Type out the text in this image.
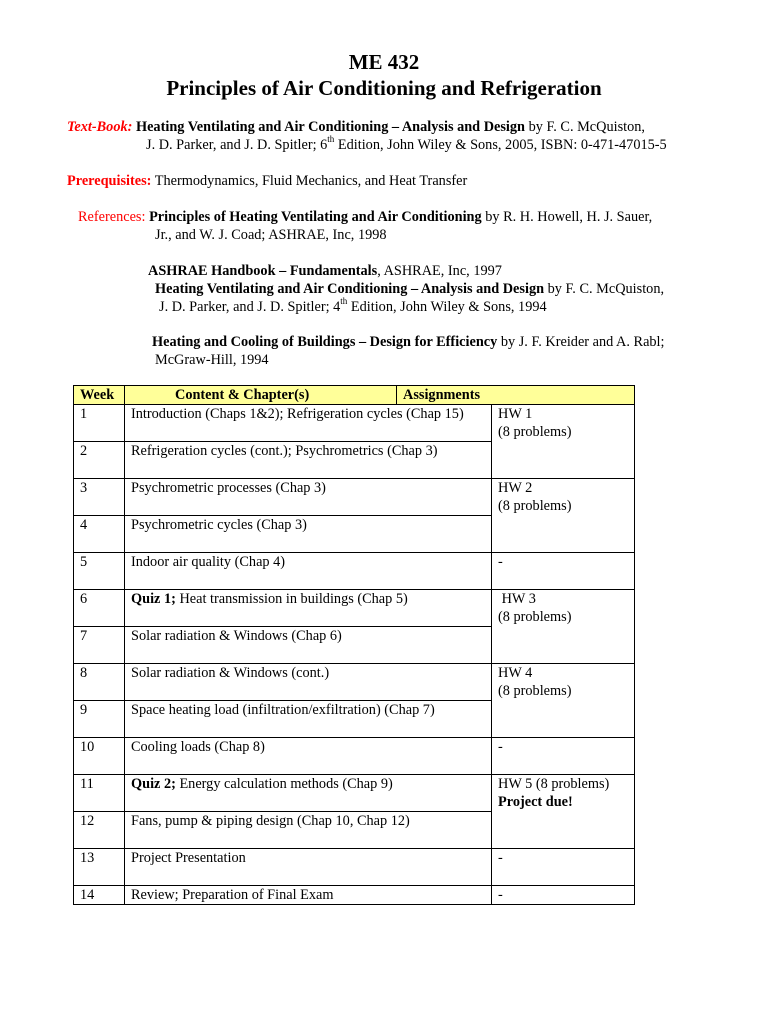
ME 432
Principles of Air Conditioning and Refrigeration
Text-Book: Heating Ventilating and Air Conditioning – Analysis and Design by F. C. McQuiston,
J. D. Parker, and J. D. Spitler; 6th Edition, John Wiley & Sons, 2005, ISBN: 0-471-47015-5
Prerequisites: Thermodynamics, Fluid Mechanics, and Heat Transfer
References: Principles of Heating Ventilating and Air Conditioning by R. H. Howell, H. J. Sauer,
Jr., and W. J. Coad; ASHRAE, Inc, 1998
ASHRAE Handbook – Fundamentals, ASHRAE, Inc, 1997
Heating Ventilating and Air Conditioning – Analysis and Design by F. C. McQuiston,
J. D. Parker, and J. D. Spitler; 4th Edition, John Wiley & Sons, 1994
Heating and Cooling of Buildings – Design for Efficiency by J. F. Kreider and A. Rabl;
McGraw-Hill, 1994
Week	Content & Chapter(s)	Assignments	
1	Introduction (Chaps 1&2); Refrigeration cycles (Chap 15)		HW 1
(8 problems)

2	Refrigeration cycles (cont.); Psychrometrics (Chap 3)		
3	Psychrometric processes (Chap 3)		HW 2
(8 problems)

4	Psychrometric cycles (Chap 3)		
5	Indoor air quality (Chap 4)		-

6	Quiz 1; Heat transmission in buildings (Chap 5)		HW 3
(8 problems)

7	Solar radiation & Windows (Chap 6)		
8	Solar radiation & Windows (cont.)		HW 4
(8 problems)

9	Space heating load (infiltration/exfiltration) (Chap 7)		
10	Cooling loads (Chap 8)		-

11	Quiz 2; Energy calculation methods (Chap 9)		HW 5 (8 problems)
Project due!

12	Fans, pump & piping design (Chap 10, Chap 12)		
13	Project Presentation		-

14	Review; Preparation of Final Exam		-
